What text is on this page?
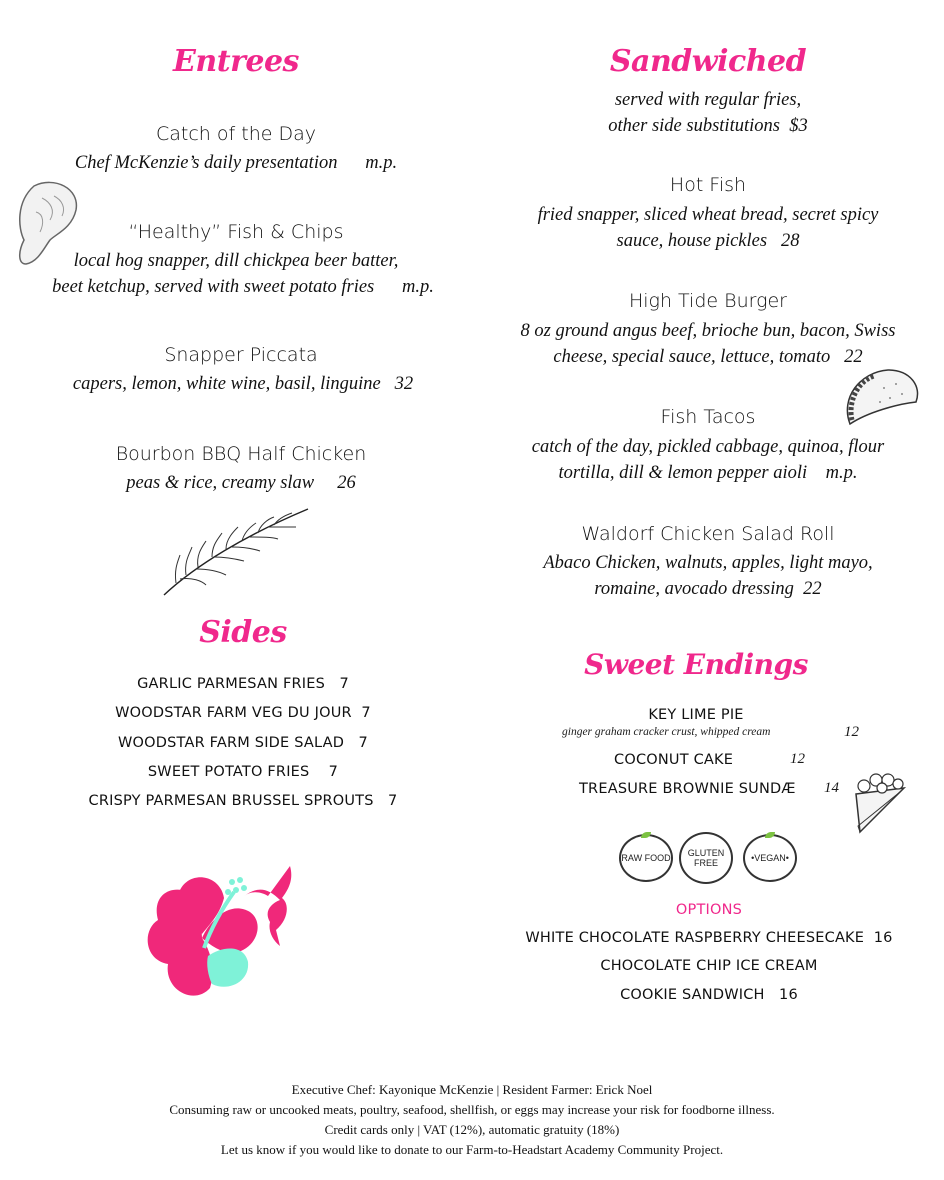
Entrees
Catch of the Day
Chef McKenzie’s daily presentation      m.p.
“Healthy” Fish & Chips
local hog snapper, dill chickpea beer batter,
beet ketchup, served with sweet potato fries      m.p.
Snapper Piccata
capers, lemon, white wine, basil, linguine   32
Bourbon BBQ Half Chicken
peas & rice, creamy slaw     26
Sides
GARLIC PARMESAN FRIES   7
WOODSTAR FARM VEG DU JOUR  7
WOODSTAR FARM SIDE SALAD   7
SWEET POTATO FRIES    7
CRISPY PARMESAN BRUSSEL SPROUTS   7
Sandwiched
served with regular fries,
other side substitutions  $3
Hot Fish
fried snapper, sliced wheat bread, secret spicy
sauce, house pickles   28
High Tide Burger
8 oz ground angus beef, brioche bun, bacon, Swiss
cheese, special sauce, lettuce, tomato   22
Fish Tacos
catch of the day, pickled cabbage, quinoa, flour
tortilla, dill & lemon pepper aioli    m.p.
Waldorf Chicken Salad Roll
Abaco Chicken, walnuts, apples, light mayo,
romaine, avocado dressing  22
Sweet Endings
KEY LIME PIE
ginger graham cracker crust, whipped cream	12
COCONUT CAKE	12
TREASURE BROWNIE SUNDÆ 14
RAW FOOD	GLUTEN FREE	•VEGAN•
OPTIONS
WHITE CHOCOLATE RASPBERRY CHEESECAKE  16
CHOCOLATE CHIP ICE CREAM
COOKIE SANDWICH   16
Executive Chef: Kayonique McKenzie | Resident Farmer: Erick Noel
Consuming raw or uncooked meats, poultry, seafood, shellfish, or eggs may increase your risk for foodborne illness.
Credit cards only | VAT (12%), automatic gratuity (18%)
Let us know if you would like to donate to our Farm-to-Headstart Academy Community Project.
